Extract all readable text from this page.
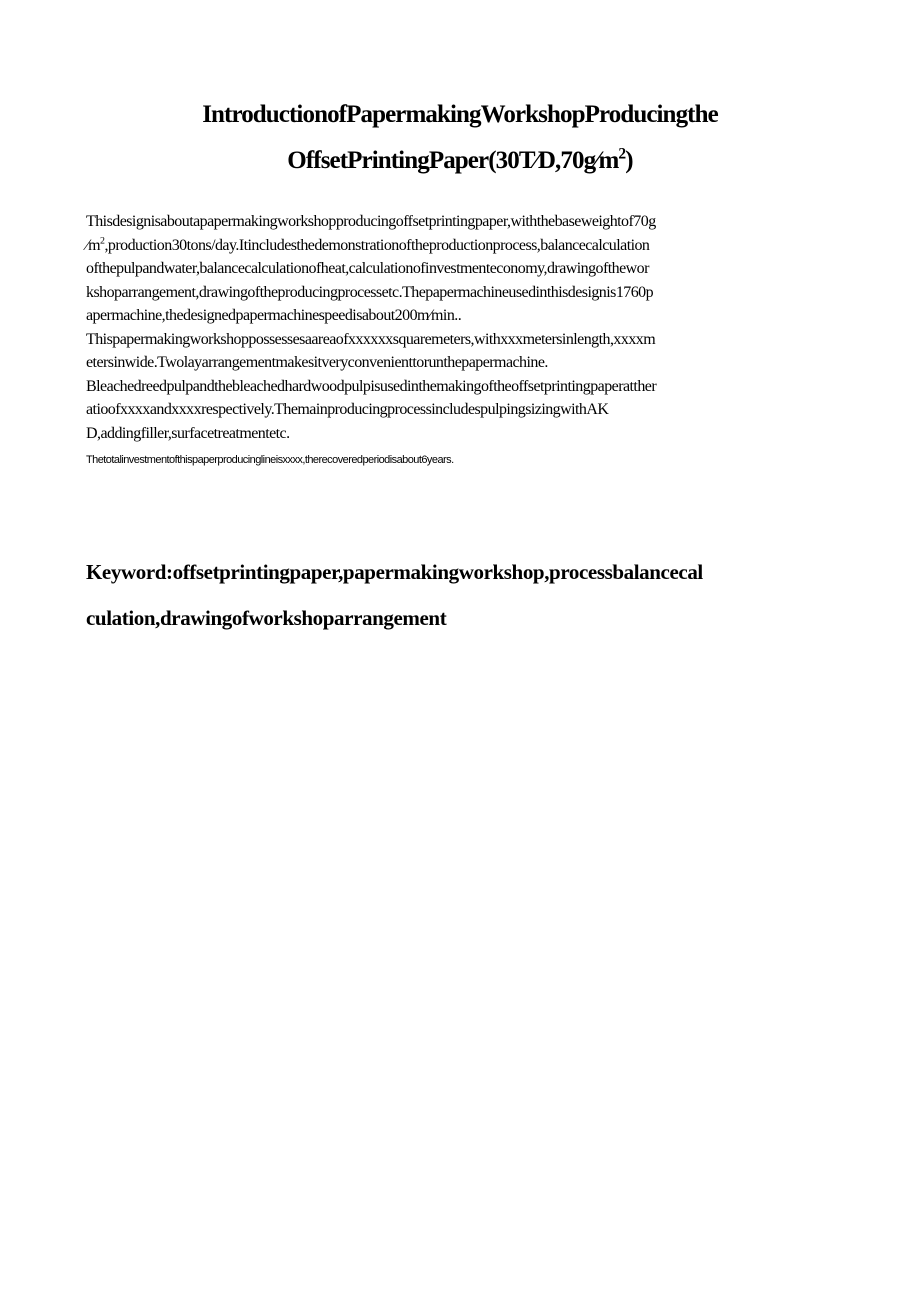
IntroductionofPapermakingWorkshopProducingthe
$OffsetPrintingPaper(30T⁄D,70g⁄m^2)$
Thisdesignisaboutapapermakingworkshopproducingoffsetprintingpaper,withthebaseweightof70g
$⁄m^2,production30tons/day.Itincludesthedemonstrationoftheproductionprocess,balancecalculation$
ofthepulpandwater,balancecalculationofheat,calculationofinvestmenteconomy,drawingofthewor
kshoparrangement,drawingoftheproducingprocessetc.Thepapermachineusedinthisdesignis1760p
apermachine,thedesignedpapermachinespeedisabout200m⁄min..
Thispapermakingworkshoppossessesaareaofxxxxxxsquaremeters,withxxxmetersinlength,xxxxm
etersinwide.Twolayarrangementmakesitveryconvenienttorunthepapermachine.
Bleachedreedpulpandthebleachedhardwoodpulpisusedinthemakingoftheoffsetprintingpaperatther
atioofxxxxandxxxxrespectively.ThemainproducingprocessincludespulpingsizingwithAK
D,addingfiller,surfacetreatmentetc.
Thetotalinvestmentofthispaperproducinglineisxxxx,therecoveredperiodisabout6years.
Keyword:offsetprintingpaper,papermakingworkshop,processbalancecal
culation,drawingofworkshoparrangement
